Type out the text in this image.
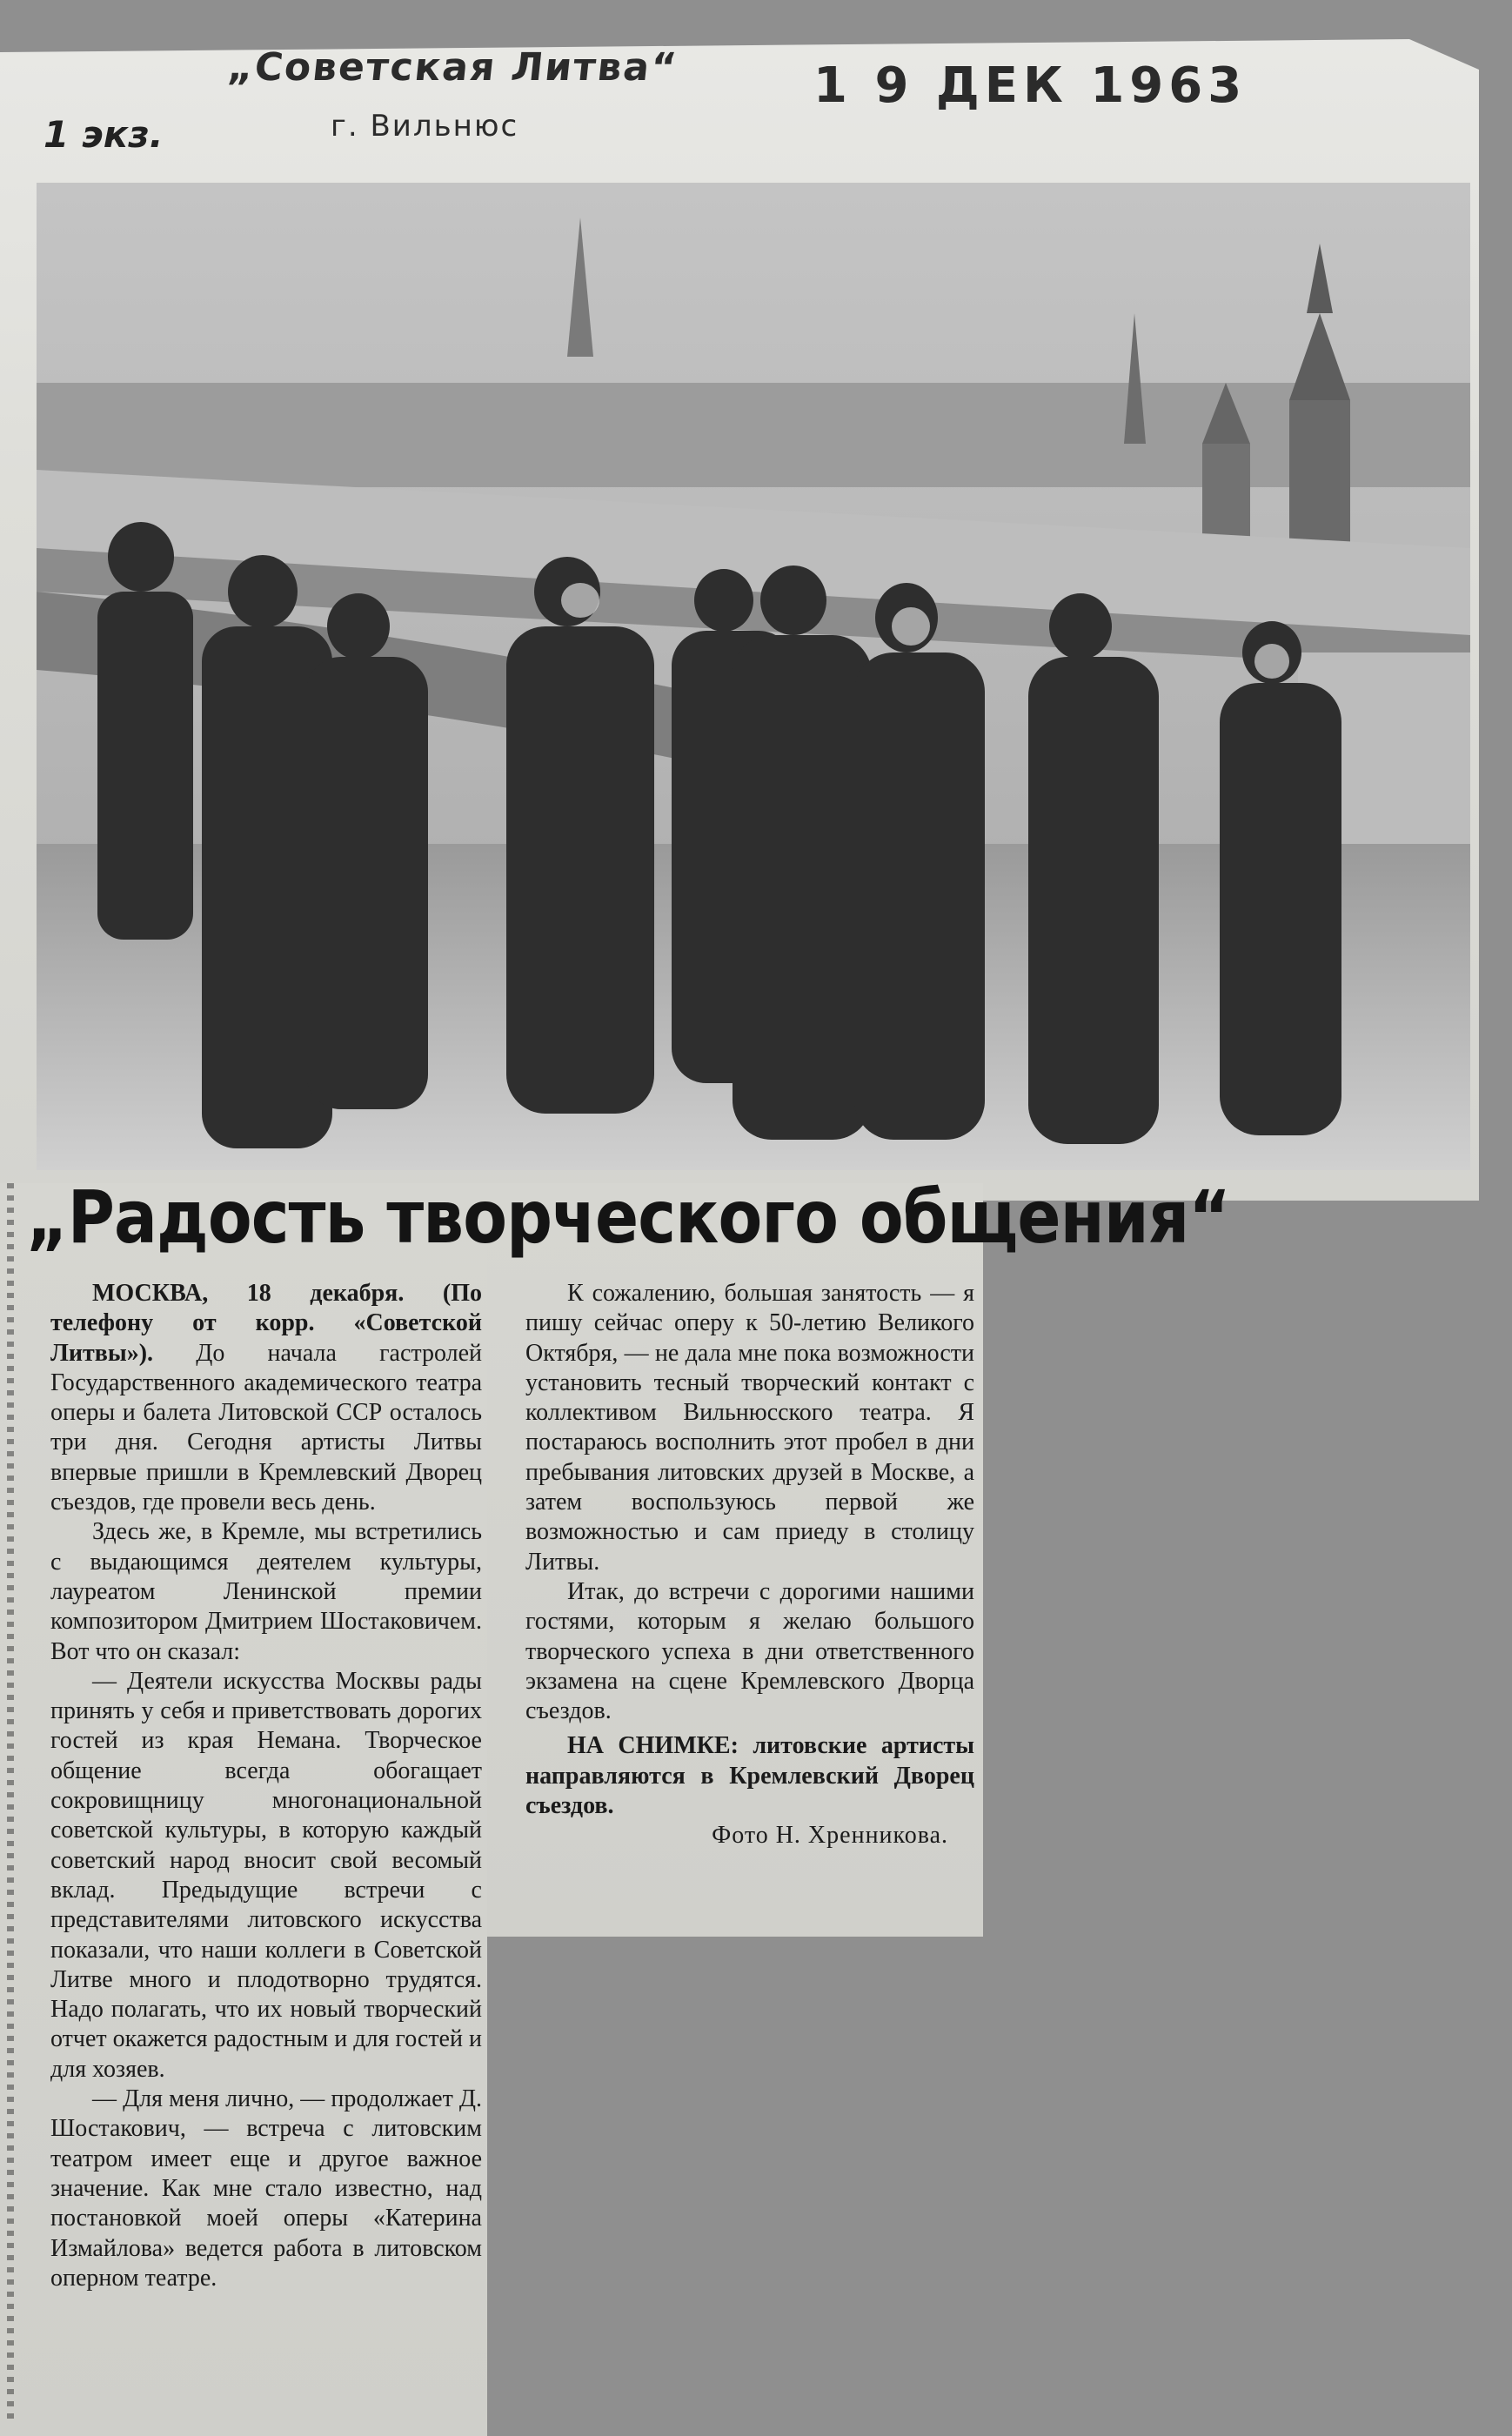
„Советская Литва“
г. Вильнюс
1 9 ДЕК 1963
1 экз.
„Радость творческого общения“

МОСКВА, 18 декабря. (По телефону от корр. «Советской Литвы»). До начала гастролей Государственного академического театра оперы и балета Литовской ССР осталось три дня. Сегодня артисты Литвы впервые пришли в Кремлевский Дворец съездов, где провели весь день.

Здесь же, в Кремле, мы встретились с выдающимся деятелем культуры, лауреатом Ленинской премии композитором Дмитрием Шостаковичем. Вот что он сказал:

— Деятели искусства Москвы рады принять у себя и приветствовать дорогих гостей из края Немана. Творческое общение всегда обогащает сокровищницу многонациональной советской культуры, в которую каждый советский народ вносит свой весомый вклад. Предыдущие встречи с представителями литовского искусства показали, что наши коллеги в Советской Литве много и плодотворно трудятся. Надо полагать, что их новый творческий отчет окажется радостным и для гостей и для хозяев.

— Для меня лично, — продолжает Д. Шостакович, — встреча с литовским театром имеет еще и другое важное значение. Как мне стало известно, над постановкой моей оперы «Катерина Измайлова» ведется работа в литовском оперном театре.

К сожалению, большая занятость — я пишу сейчас оперу к 50-летию Великого Октября, — не дала мне пока возможности установить тесный творческий контакт с коллективом Вильнюсского театра. Я постараюсь восполнить этот пробел в дни пребывания литовских друзей в Москве, а затем воспользуюсь первой же возможностью и сам приеду в столицу Литвы.

Итак, до встречи с дорогими нашими гостями, которым я желаю большого творческого успеха в дни ответственного экзамена на сцене Кремлевского Дворца съездов.

НА СНИМКЕ: литовские артисты направляются в Кремлевский Дворец съездов.

Фото Н. Хренникова.
